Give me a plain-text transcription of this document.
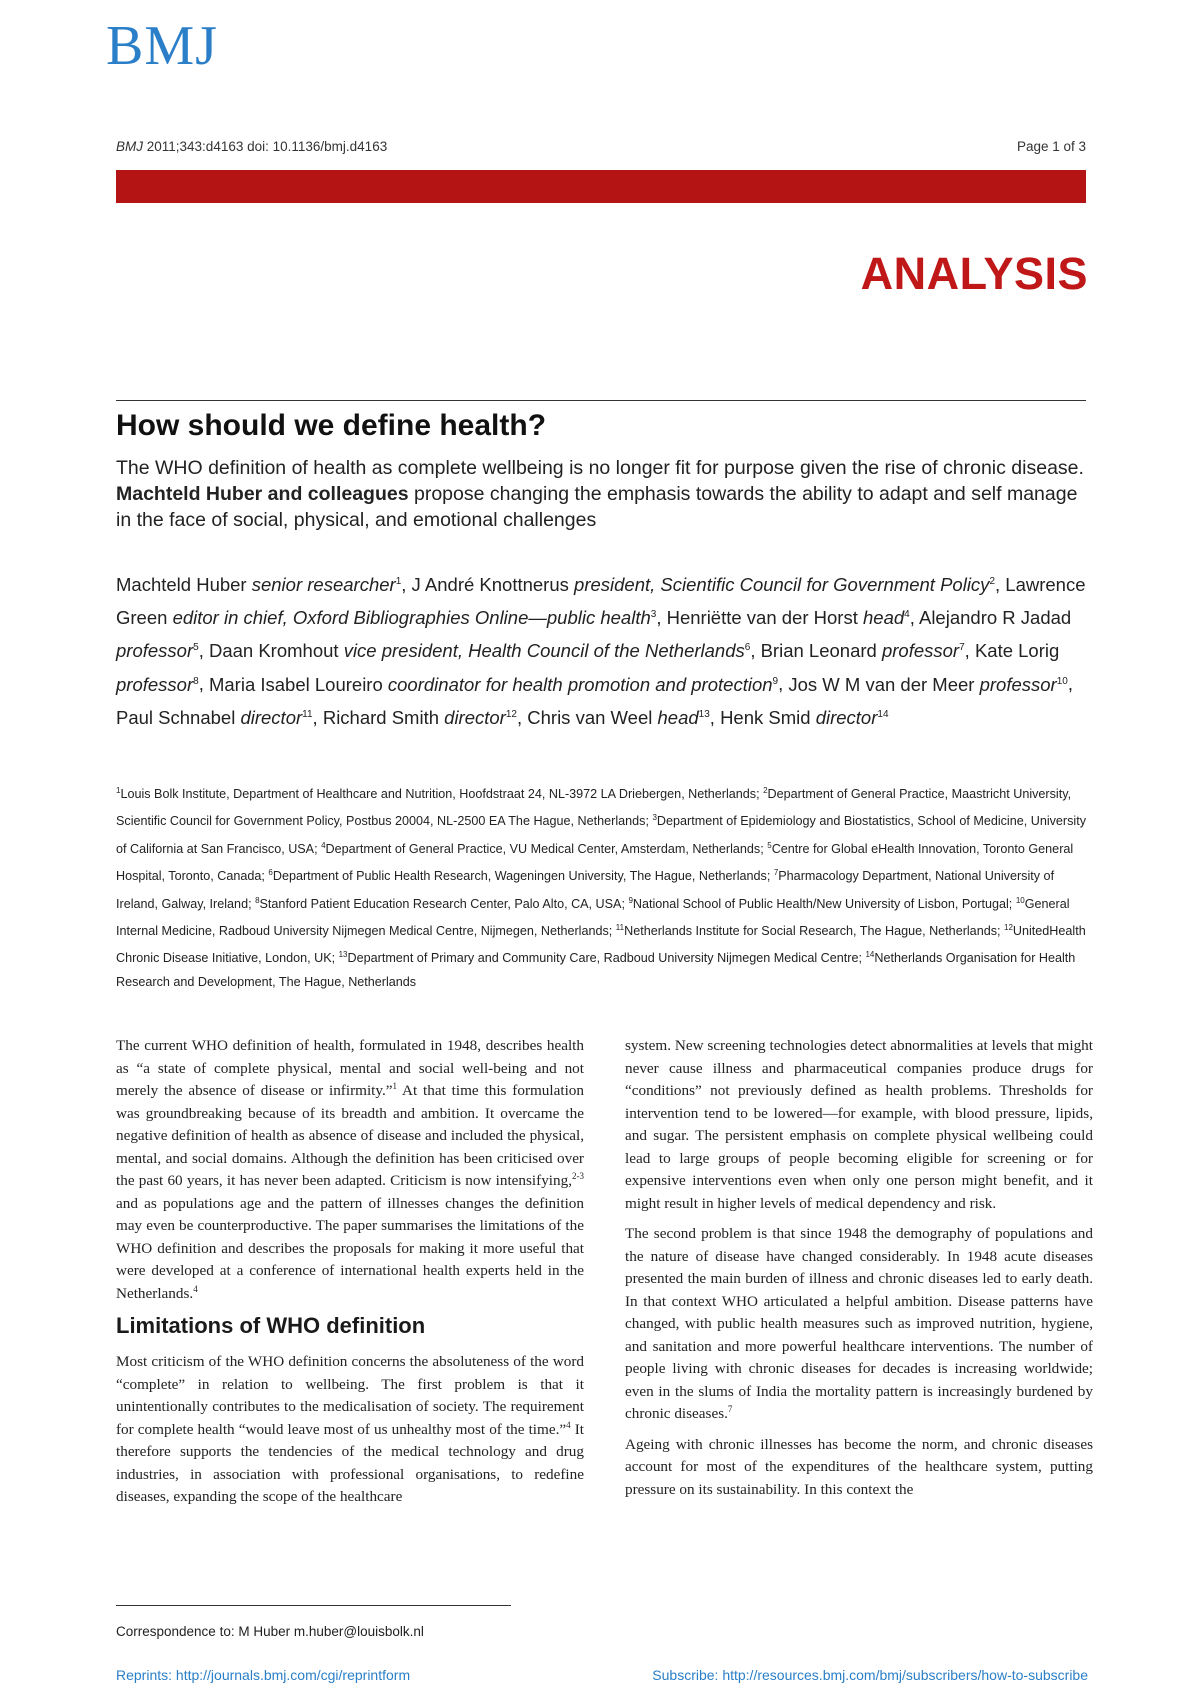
BMJ
BMJ 2011;343:d4163 doi: 10.1136/bmj.d4163	Page 1 of 3
ANALYSIS
How should we define health?
The WHO definition of health as complete wellbeing is no longer fit for purpose given the rise of chronic disease. Machteld Huber and colleagues propose changing the emphasis towards the ability to adapt and self manage in the face of social, physical, and emotional challenges
Machteld Huber senior researcher$^1$, J André Knottnerus president, Scientific Council for Government Policy$^2$, Lawrence Green editor in chief, Oxford Bibliographies Online—public health$^3$, Henriëtte van der Horst head$^4$, Alejandro R Jadad professor$^5$, Daan Kromhout vice president, Health Council of the Netherlands$^6$, Brian Leonard professor$^7$, Kate Lorig professor$^8$, Maria Isabel Loureiro coordinator for health promotion and protection$^9$, Jos W M van der Meer professor$^{10}$, Paul Schnabel director$^{11}$, Richard Smith director$^{12}$, Chris van Weel head$^{13}$, Henk Smid director$^{14}$
$^1$Louis Bolk Institute, Department of Healthcare and Nutrition, Hoofdstraat 24, NL-3972 LA Driebergen, Netherlands; $^2$Department of General Practice, Maastricht University, Scientific Council for Government Policy, Postbus 20004, NL-2500 EA The Hague, Netherlands; $^3$Department of Epidemiology and Biostatistics, School of Medicine, University of California at San Francisco, USA; $^4$Department of General Practice, VU Medical Center, Amsterdam, Netherlands; $^5$Centre for Global eHealth Innovation, Toronto General Hospital, Toronto, Canada; $^6$Department of Public Health Research, Wageningen University, The Hague, Netherlands; $^7$Pharmacology Department, National University of Ireland, Galway, Ireland; $^8$Stanford Patient Education Research Center, Palo Alto, CA, USA; $^9$National School of Public Health/New University of Lisbon, Portugal; $^{10}$General Internal Medicine, Radboud University Nijmegen Medical Centre, Nijmegen, Netherlands; $^{11}$Netherlands Institute for Social Research, The Hague, Netherlands; $^{12}$UnitedHealth Chronic Disease Initiative, London, UK; $^{13}$Department of Primary and Community Care, Radboud University Nijmegen Medical Centre; $^{14}$Netherlands Organisation for Health Research and Development, The Hague, Netherlands

The current WHO definition of health, formulated in 1948, describes health as “a state of complete physical, mental and social well-being and not merely the absence of disease or infirmity.”$^1$ At that time this formulation was groundbreaking because of its breadth and ambition. It overcame the negative definition of health as absence of disease and included the physical, mental, and social domains. Although the definition has been criticised over the past 60 years, it has never been adapted. Criticism is now intensifying,$^{2-3}$ and as populations age and the pattern of illnesses changes the definition may even be counterproductive. The paper summarises the limitations of the WHO definition and describes the proposals for making it more useful that were developed at a conference of international health experts held in the Netherlands.$^4$

Limitations of WHO definition

Most criticism of the WHO definition concerns the absoluteness of the word “complete” in relation to wellbeing. The first problem is that it unintentionally contributes to the medicalisation of society. The requirement for complete health “would leave most of us unhealthy most of the time.”$^4$ It therefore supports the tendencies of the medical technology and drug industries, in association with professional organisations, to redefine diseases, expanding the scope of the healthcare

system. New screening technologies detect abnormalities at levels that might never cause illness and pharmaceutical companies produce drugs for “conditions” not previously defined as health problems. Thresholds for intervention tend to be lowered—for example, with blood pressure, lipids, and sugar. The persistent emphasis on complete physical wellbeing could lead to large groups of people becoming eligible for screening or for expensive interventions even when only one person might benefit, and it might result in higher levels of medical dependency and risk.

The second problem is that since 1948 the demography of populations and the nature of disease have changed considerably. In 1948 acute diseases presented the main burden of illness and chronic diseases led to early death. In that context WHO articulated a helpful ambition. Disease patterns have changed, with public health measures such as improved nutrition, hygiene, and sanitation and more powerful healthcare interventions. The number of people living with chronic diseases for decades is increasing worldwide; even in the slums of India the mortality pattern is increasingly burdened by chronic diseases.$^7$

Ageing with chronic illnesses has become the norm, and chronic diseases account for most of the expenditures of the healthcare system, putting pressure on its sustainability. In this context the

Correspondence to: M Huber m.huber@louisbolk.nl
Reprints: http://journals.bmj.com/cgi/reprintform	Subscribe: http://resources.bmj.com/bmj/subscribers/how-to-subscribe
